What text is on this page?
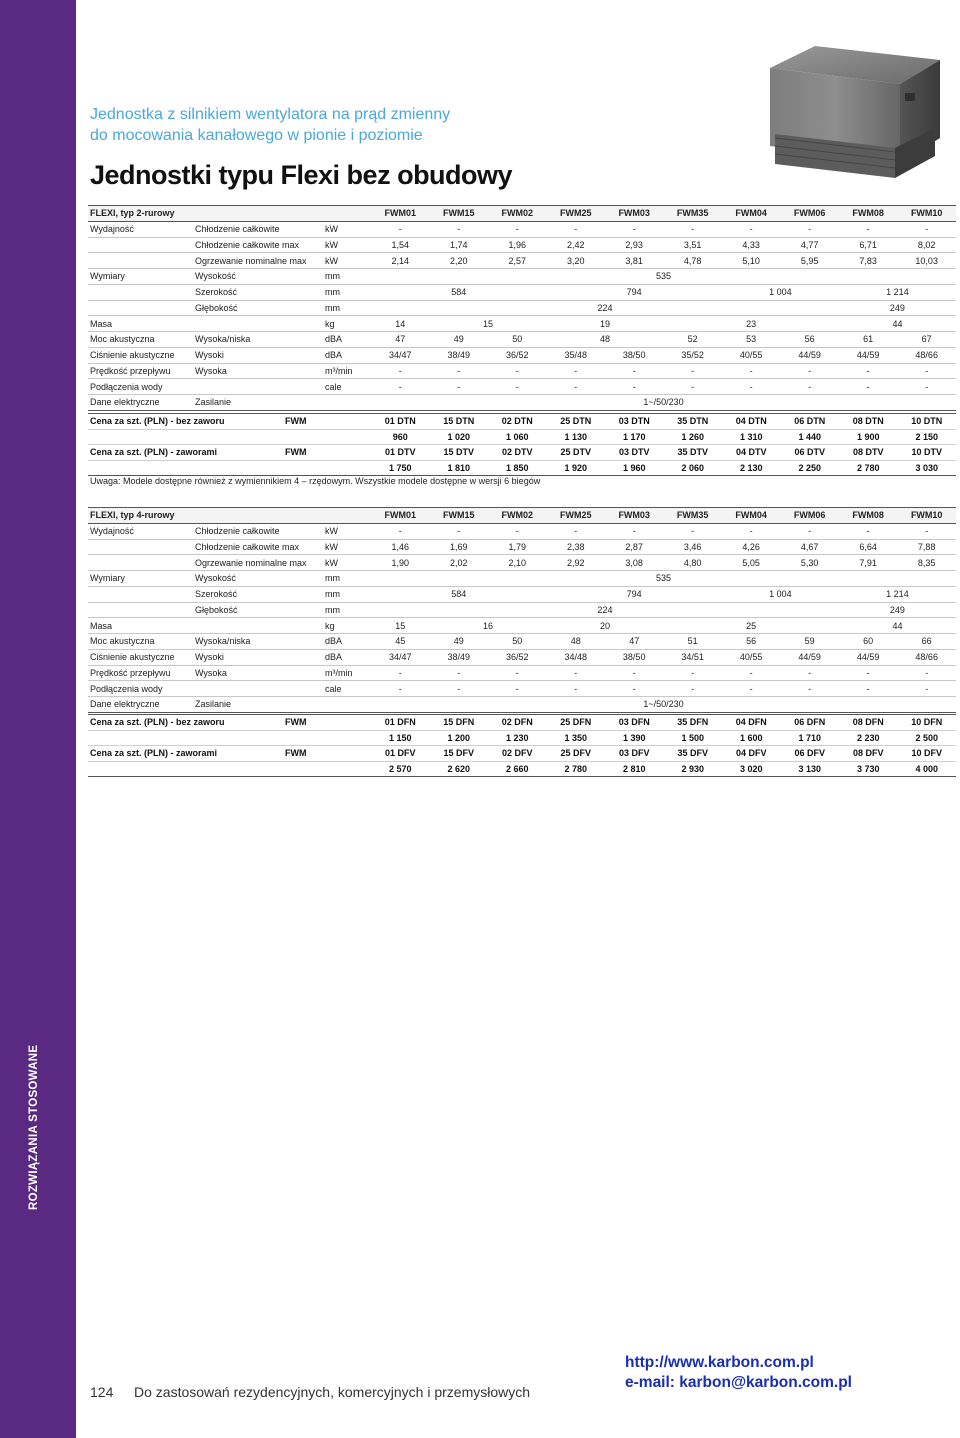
ROZWIĄZANIA STOSOWANE
Jednostka z silnikiem wentylatora na prąd zmienny
do mocowania kanałowego w pionie i poziomie
Jednostki typu Flexi bez obudowy
FLEXI, typ 2-rurowy			FWM01	FWM15	FWM02	FWM25	FWM03	FWM35	FWM04	FWM06	FWM08	FWM10
Wydajność	Chłodzenie całkowite	kW	-	-	-	-	-	-	-	-	-	-
	Chłodzenie całkowite max	kW	1,54	1,74	1,96	2,42	2,93	3,51	4,33	4,77	6,71	8,02
	Ogrzewanie nominalne max	kW	2,14	2,20	2,57	3,20	3,81	4,78	5,10	5,95	7,83	10,03
Wymiary	Wysokość	mm	535									
	Szerokość	mm	584			794			1 004		1 214	
	Głębokość	mm	224								249	
Masa		kg	14	15		19		23			44	
Moc akustyczna	Wysoka/niska	dBA	47	49	50	48		52	53	56	61	67
Ciśnienie akustyczne	Wysoki	dBA	34/47	38/49	36/52	35/48	38/50	35/52	40/55	44/59	44/59	48/66
Prędkość przepływu	Wysoka	m³/min	-	-	-	-	-	-	-	-	-	-
Podłączenia wody		cale	-	-	-	-	-	-	-	-	-	-
Dane elektryczne	Zasilanie		1~/50/230									
Cena za szt. (PLN) - bez zaworu	FWM	01 DTN	15 DTN	02 DTN	25 DTN	03 DTN	35 DTN	04 DTN	06 DTN	08 DTN	10 DTN
		960	1 020	1 060	1 130	1 170	1 260	1 310	1 440	1 900	2 150
Cena za szt. (PLN) - zaworami	FWM	01 DTV	15 DTV	02 DTV	25 DTV	03 DTV	35 DTV	04 DTV	06 DTV	08 DTV	10 DTV
		1 750	1 810	1 850	1 920	1 960	2 060	2 130	2 250	2 780	3 030
Uwaga: Modele dostępne również z wymiennikiem 4 – rzędowym. Wszystkie modele dostępne w wersji 6 biegów
FLEXI, typ 4-rurowy			FWM01	FWM15	FWM02	FWM25	FWM03	FWM35	FWM04	FWM06	FWM08	FWM10
Wydajność	Chłodzenie całkowite	kW	-	-	-	-	-	-	-	-	-	-
	Chłodzenie całkowite max	kW	1,46	1,69	1,79	2,38	2,87	3,46	4,26	4,67	6,64	7,88
	Ogrzewanie nominalne max	kW	1,90	2,02	2,10	2,92	3,08	4,80	5,05	5,30	7,91	8,35
Wymiary	Wysokość	mm	535									
	Szerokość	mm	584			794			1 004		1 214	
	Głębokość	mm	224								249	
Masa		kg	15	16		20		25			44	
Moc akustyczna	Wysoka/niska	dBA	45	49	50	48	47	51	56	59	60	66
Ciśnienie akustyczne	Wysoki	dBA	34/47	38/49	36/52	34/48	38/50	34/51	40/55	44/59	44/59	48/66
Prędkość przepływu	Wysoka	m³/min	-	-	-	-	-	-	-	-	-	-
Podłączenia wody		cale	-	-	-	-	-	-	-	-	-	-
Dane elektryczne	Zasilanie		1~/50/230									
Cena za szt. (PLN) - bez zaworu	FWM	01 DFN	15 DFN	02 DFN	25 DFN	03 DFN	35 DFN	04 DFN	06 DFN	08 DFN	10 DFN
		1 150	1 200	1 230	1 350	1 390	1 500	1 600	1 710	2 230	2 500
Cena za szt. (PLN) - zaworami	FWM	01 DFV	15 DFV	02 DFV	25 DFV	03 DFV	35 DFV	04 DFV	06 DFV	08 DFV	10 DFV
		2 570	2 620	2 660	2 780	2 810	2 930	3 020	3 130	3 730	4 000
124 Do zastosowań rezydencyjnych, komercyjnych i przemysłowych
http://www.karbon.com.pl
e-mail: karbon@karbon.com.pl
